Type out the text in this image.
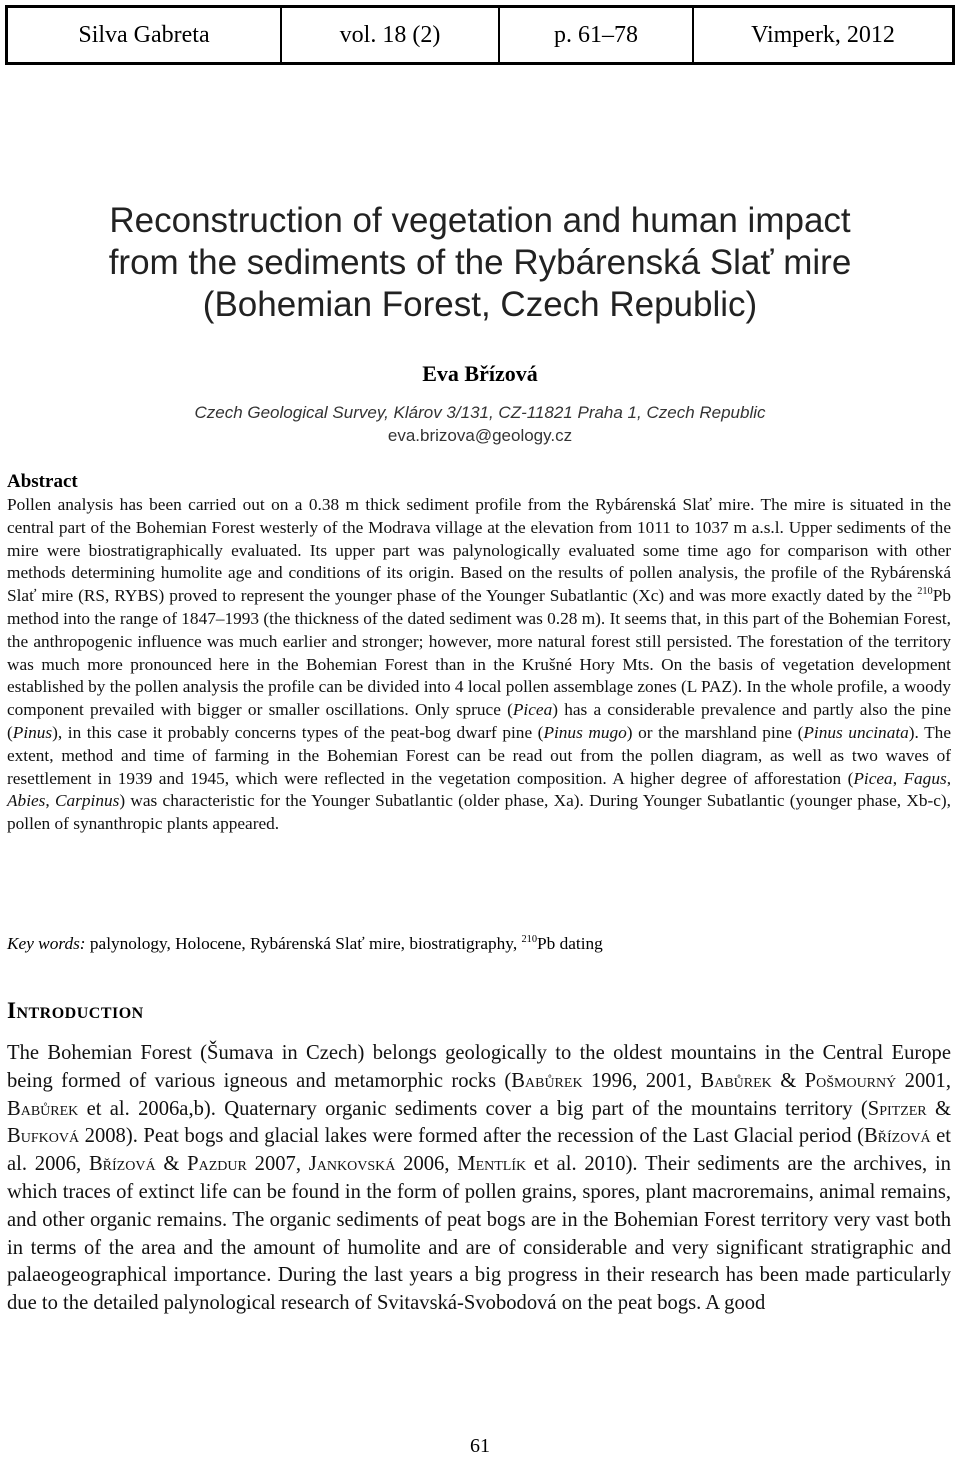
Silva Gabreta	vol. 18 (2)	p. 61–78	Vimperk, 2012
Reconstruction of vegetation and human impact
from the sediments of the Rybárenská Slať mire
(Bohemian Forest, Czech Republic)
Eva Břízová
Czech Geological Survey, Klárov 3/131, CZ-11821 Praha 1, Czech Republic
eva.brizova@geology.cz
Abstract
Pollen analysis has been carried out on a 0.38 m thick sediment profile from the Rybárenská Slať mire. The mire is situated in the central part of the Bohemian Forest westerly of the Modrava village at the elevation from 1011 to 1037 m a.s.l. Upper sediments of the mire were biostratigraphically evaluated. Its upper part was palynologically evaluated some time ago for comparison with other methods determining humolite age and conditions of its origin. Based on the results of pollen analysis, the profile of the Rybárenská Slať mire (RS, RYBS) proved to represent the younger phase of the Younger Subatlantic (Xc) and was more exactly dated by the $^{210}$Pb method into the range of 1847–1993 (the thickness of the dated sediment was 0.28 m). It seems that, in this part of the Bohemian Forest, the anthropogenic influence was much earlier and stronger; however, more natural forest still persisted. The forestation of the territory was much more pronounced here in the Bohemian Forest than in the Krušné Hory Mts. On the basis of vegetation development established by the pollen analysis the profile can be divided into 4 local pollen assemblage zones (L PAZ). In the whole profile, a woody component prevailed with bigger or smaller oscillations. Only spruce (Picea) has a considerable prevalence and partly also the pine (Pinus), in this case it probably concerns types of the peat-bog dwarf pine (Pinus mugo) or the marshland pine (Pinus uncinata). The extent, method and time of farming in the Bohemian Forest can be read out from the pollen diagram, as well as two waves of resettlement in 1939 and 1945, which were reflected in the vegetation composition. A higher degree of afforestation (Picea, Fagus, Abies, Carpinus) was characteristic for the Younger Subatlantic (older phase, Xa). During Younger Subatlantic (younger phase, Xb-c), pollen of synanthropic plants appeared.
Key words: palynology, Holocene, Rybárenská Slať mire, biostratigraphy, $^{210}$Pb dating
Introduction
The Bohemian Forest (Šumava in Czech) belongs geologically to the oldest mountains in the Central Europe being formed of various igneous and metamorphic rocks (Babůrek 1996, 2001, Babůrek & Pošmourný 2001, Babůrek et al. 2006a,b). Quaternary organic sediments cover a big part of the mountains territory (Spitzer & Bufková 2008). Peat bogs and glacial lakes were formed after the recession of the Last Glacial period (Břízová et al. 2006, Břízová & Pazdur 2007, Jankovská 2006, Mentlík et al. 2010). Their sediments are the archives, in which traces of extinct life can be found in the form of pollen grains, spores, plant macroremains, animal remains, and other organic remains. The organic sediments of peat bogs are in the Bohemian Forest territory very vast both in terms of the area and the amount of humolite and are of considerable and very significant stratigraphic and palaeogeographical importance. During the last years a big progress in their research has been made particularly due to the detailed palynological research of Svitavská-Svobodová on the peat bogs. A good
61
